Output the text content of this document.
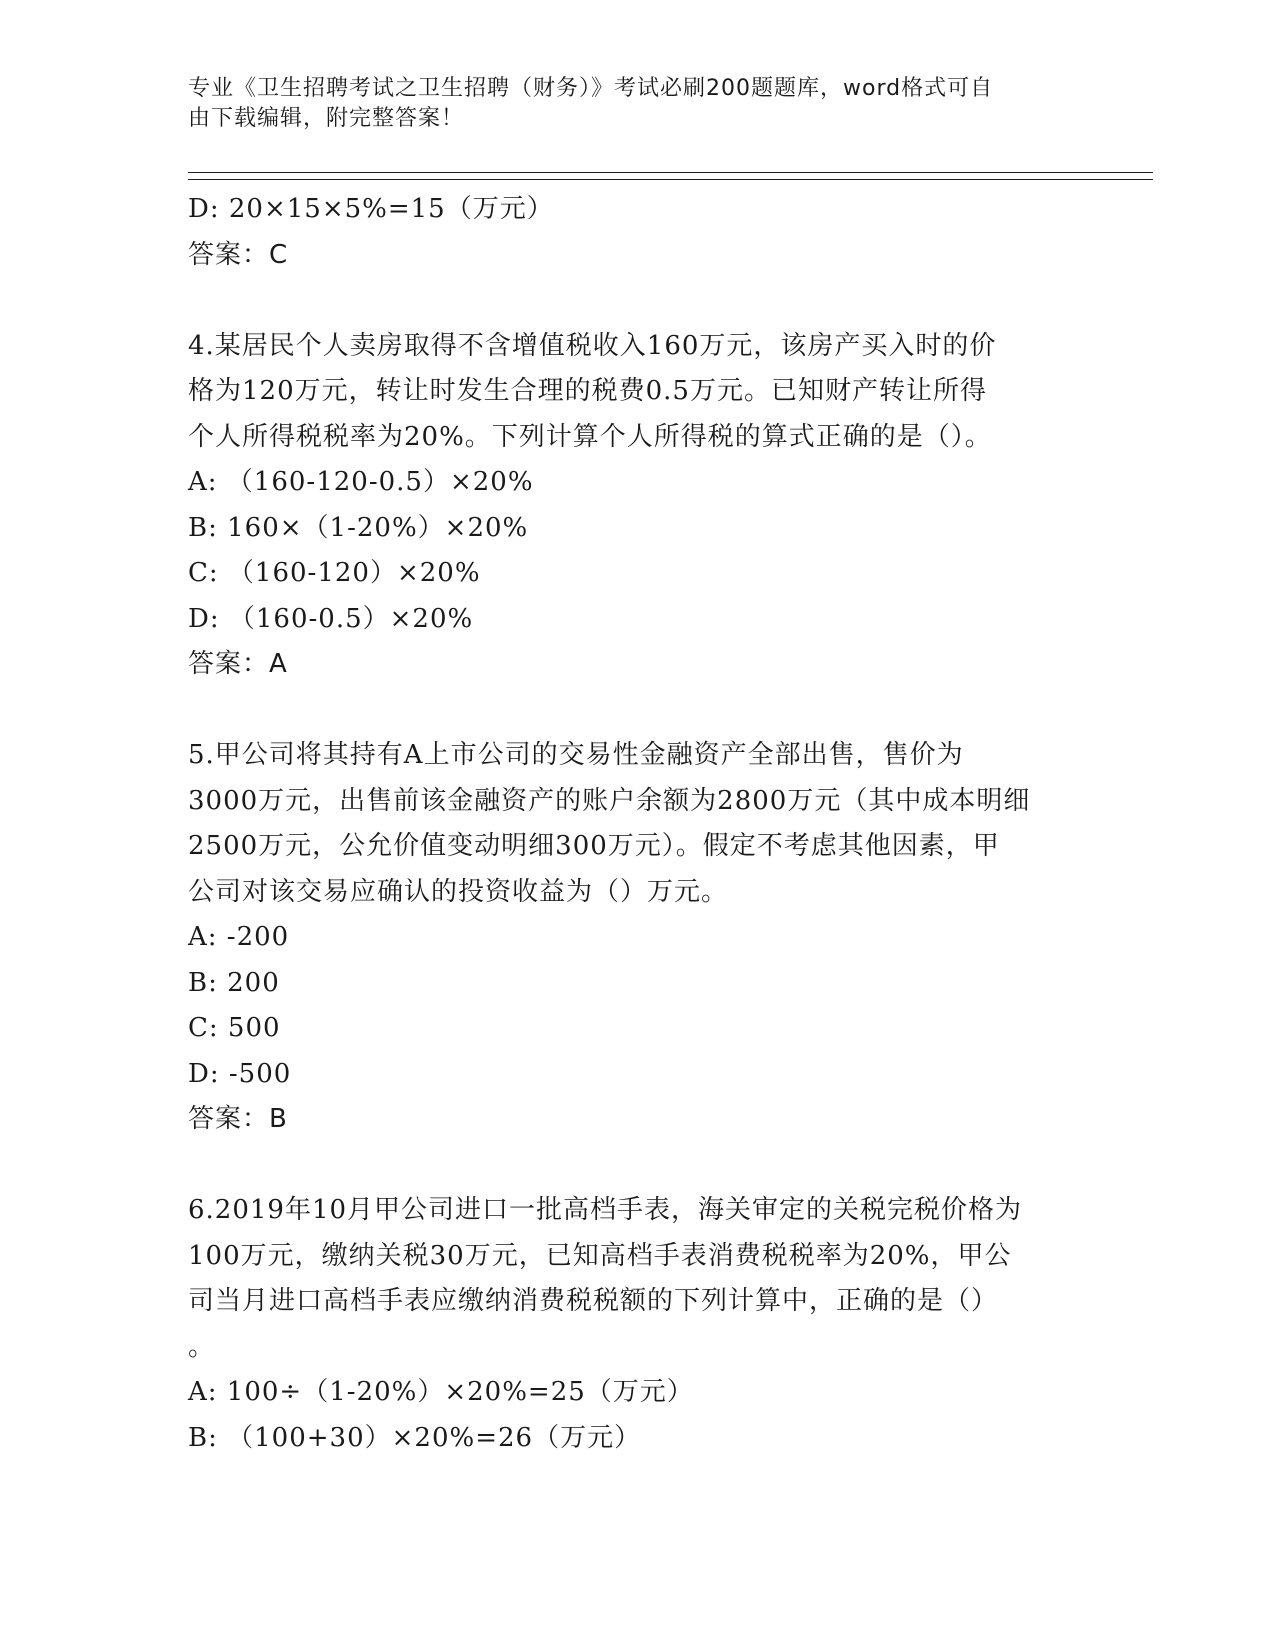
专业《卫生招聘考试之卫生招聘（财务）》考试必刷200题题库，word格式可自
由下载编辑，附完整答案！
D: 20×15×5%=15（万元）
答案：C
4.某居民个人卖房取得不含增值税收入160万元，该房产买入时的价
格为120万元，转让时发生合理的税费0.5万元。已知财产转让所得
个人所得税税率为20%。下列计算个人所得税的算式正确的是（）。
A: （160-120-0.5）×20%
B: 160×（1-20%）×20%
C: （160-120）×20%
D: （160-0.5）×20%
答案：A
5.甲公司将其持有A上市公司的交易性金融资产全部出售，售价为
3000万元，出售前该金融资产的账户余额为2800万元（其中成本明细
2500万元，公允价值变动明细300万元）。假定不考虑其他因素，甲
公司对该交易应确认的投资收益为（）万元。
A: -200
B: 200
C: 500
D: -500
答案：B
6.2019年10月甲公司进口一批高档手表，海关审定的关税完税价格为
100万元，缴纳关税30万元，已知高档手表消费税税率为20%，甲公
司当月进口高档手表应缴纳消费税税额的下列计算中，正确的是（）
。
A: 100÷（1-20%）×20%=25（万元）
B: （100+30）×20%=26（万元）
